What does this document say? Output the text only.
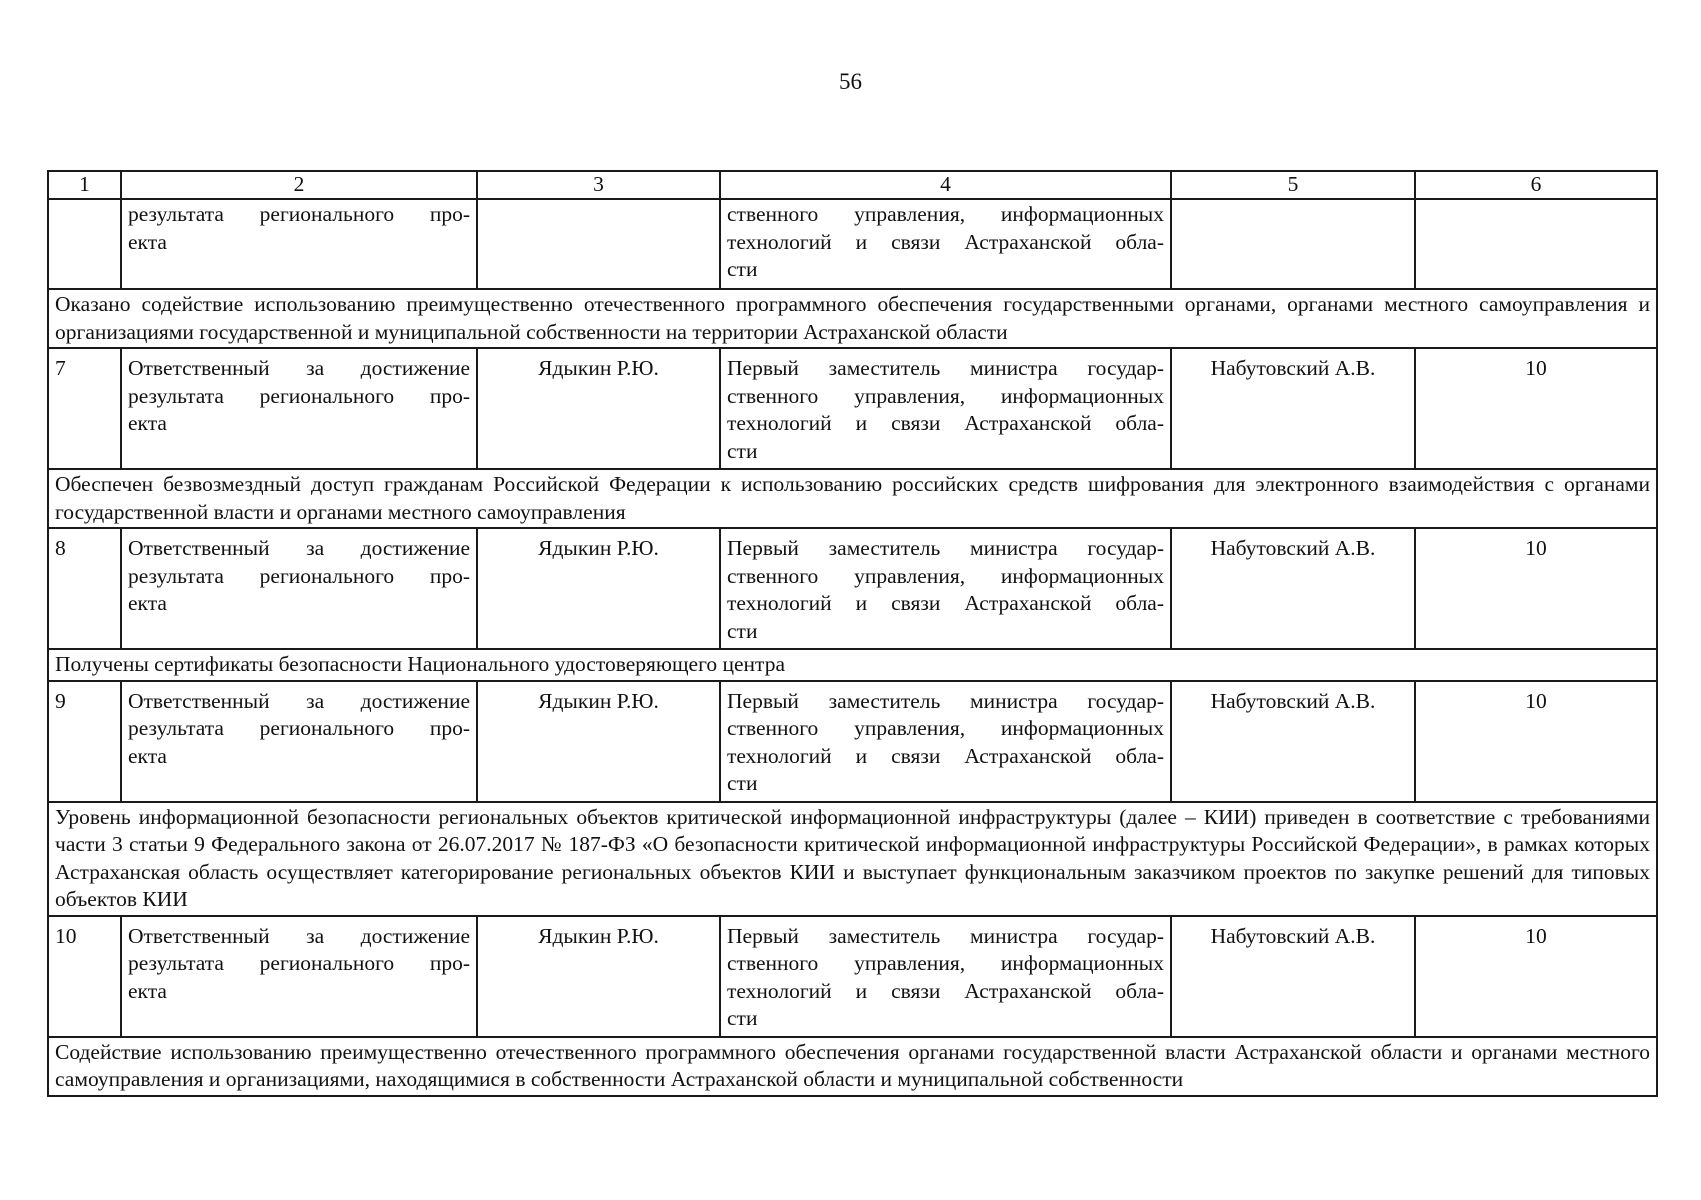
56
1	2	3	4	5	6

	результата регионального про-
екта		ственного управления, информационных
технологий и связи Астраханской обла-
сти		

Оказано содействие использованию преимущественно отечественного программного обеспечения государственными органами, органами местного самоуправления и организациями государственной и муниципальной собственности на территории Астраханской области					
7	Ответственный за достижение
результата регионального про-
екта	Ядыкин Р.Ю.	Первый заместитель министра государ-
ственного управления, информационных
технологий и связи Астраханской обла-
сти	Набутовский А.В.	10
Обеспечен безвозмездный доступ гражданам Российской Федерации к использованию российских средств шифрования для электронного взаимодействия с органами государственной власти и органами местного самоуправления					
8	Ответственный за достижение
результата регионального про-
екта	Ядыкин Р.Ю.	Первый заместитель министра государ-
ственного управления, информационных
технологий и связи Астраханской обла-
сти	Набутовский А.В.	10
Получены сертификаты безопасности Национального удостоверяющего центра					
9	Ответственный за достижение
результата регионального про-
екта	Ядыкин Р.Ю.	Первый заместитель министра государ-
ственного управления, информационных
технологий и связи Астраханской обла-
сти	Набутовский А.В.	10
Уровень информационной безопасности региональных объектов критической информационной инфраструктуры (далее – КИИ) приведен в соответствие с требованиями части 3 статьи 9 Федерального закона от 26.07.2017 № 187-ФЗ «О безопасности критической информационной инфраструктуры Российской Федерации», в рамках которых Астраханская область осуществляет категорирование региональных объектов КИИ и выступает функциональным заказчиком проектов по закупке решений для типовых объектов КИИ					
10	Ответственный за достижение
результата регионального про-
екта	Ядыкин Р.Ю.	Первый заместитель министра государ-
ственного управления, информационных
технологий и связи Астраханской обла-
сти	Набутовский А.В.	10
Содействие использованию преимущественно отечественного программного обеспечения органами государственной власти Астраханской области и органами местного самоуправления и организациями, находящимися в собственности Астраханской области и муниципальной собственности					
